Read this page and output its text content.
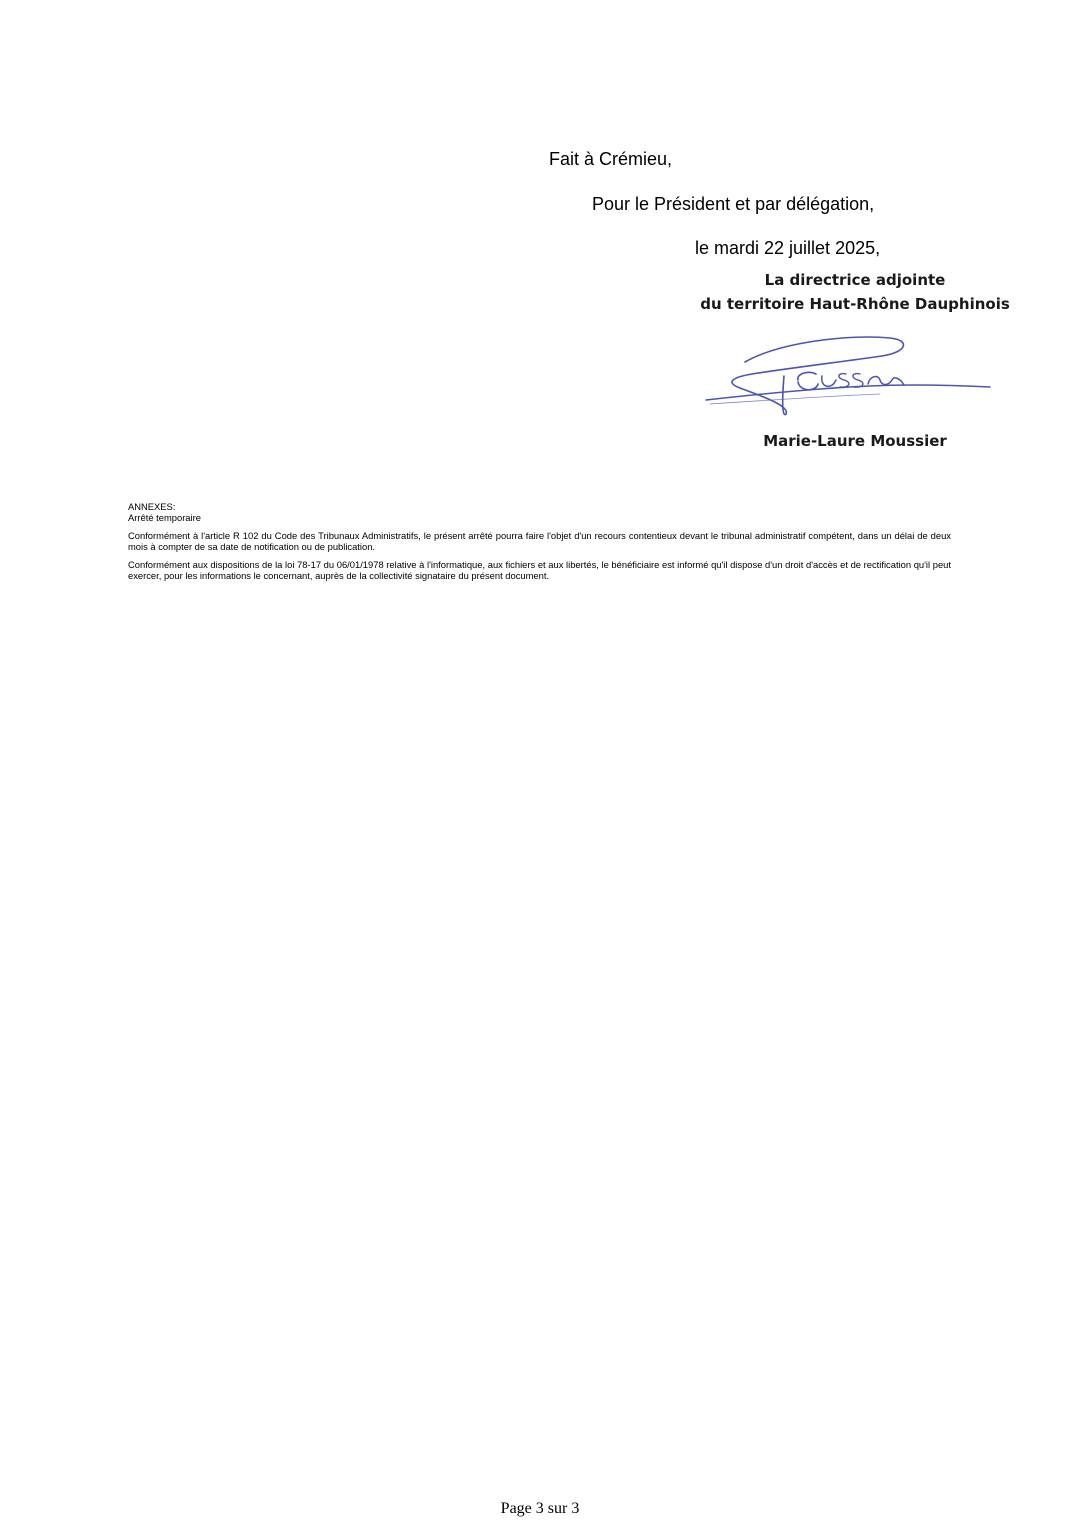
Fait à Crémieu,
Pour le Président et par délégation,
le mardi 22 juillet 2025,
La directrice adjointe
du territoire Haut-Rhône Dauphinois
Marie-Laure Moussier

ANNEXES:

Arrêté temporaire

Conformément à l'article R 102 du Code des Tribunaux Administratifs, le présent arrêté pourra faire l'objet d'un recours contentieux devant le tribunal administratif compétent, dans un délai de deux mois à compter de sa date de notification ou de publication.

Conformément aux dispositions de la loi 78-17 du 06/01/1978 relative à l'informatique, aux fichiers et aux libertés, le bénéficiaire est informé qu'il dispose d'un droit d'accès et de rectification qu'il peut exercer, pour les informations le concernant, auprès de la collectivité signataire du présent document.

Page 3 sur 3
